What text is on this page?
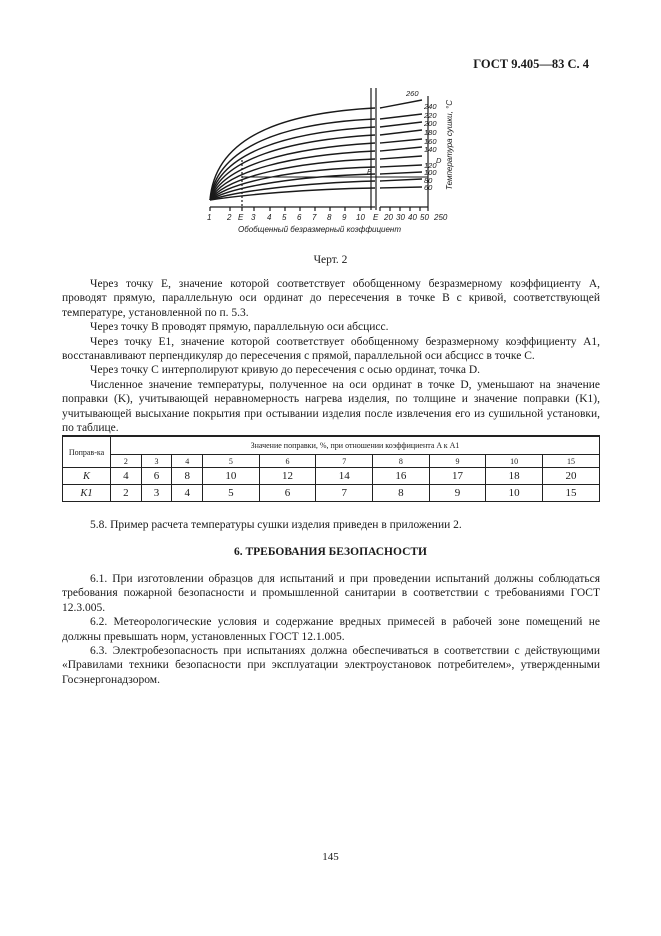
ГОСТ 9.405—83 С. 4
1 2 E 3 4 5 6 7 8 9 10 E 20 30 40 50 250
Обобщенный безразмерный коэффициент
260
240
220
200
180
160
140
120
100
80
60
B
D Температура сушки, °С
Черт. 2

Через точку E, значение которой соответствует обобщенному безразмерному коэффициенту A, проводят прямую, параллельную оси ординат до пересечения в точке B с кривой, соответствующей температуре, установленной по п. 5.3.

Через точку B проводят прямую, параллельную оси абсцисс.

Через точку E1, значение которой соответствует обобщенному безразмерному коэффициенту A1, восстанавливают перпендикуляр до пересечения с прямой, параллельной оси абсцисс в точке C.

Через точку C интерполируют кривую до пересечения с осью ординат, точка D.

Численное значение температуры, полученное на оси ординат в точке D, уменьшают на значение поправки (K), учитывающей неравномерность нагрева изделия, по толщине и значение поправки (K1), учитывающей высыхание покрытия при остывании изделия после извлечения его из сушильной установки, по таблице.

Поправ-ка	Значение поправки, %, при отношении коэффициента A к A1									
	2	3	4	5	6	7	8	9	10	15
K	4	6	8	10	12	14	16	17	18	20
K1	2	3	4	5	6	7	8	9	10	15

5.8. Пример расчета температуры сушки изделия приведен в приложении 2.

6. ТРЕБОВАНИЯ БЕЗОПАСНОСТИ

6.1. При изготовлении образцов для испытаний и при проведении испытаний должны соблюдаться требования пожарной безопасности и промышленной санитарии в соответствии с требованиями ГОСТ 12.3.005.

6.2. Метеорологические условия и содержание вредных примесей в рабочей зоне помещений не должны превышать норм, установленных ГОСТ 12.1.005.

6.3. Электробезопасность при испытаниях должна обеспечиваться в соответствии с действующими «Правилами техники безопасности при эксплуатации электроустановок потребителем», утвержденными Госэнергонадзором.

145
